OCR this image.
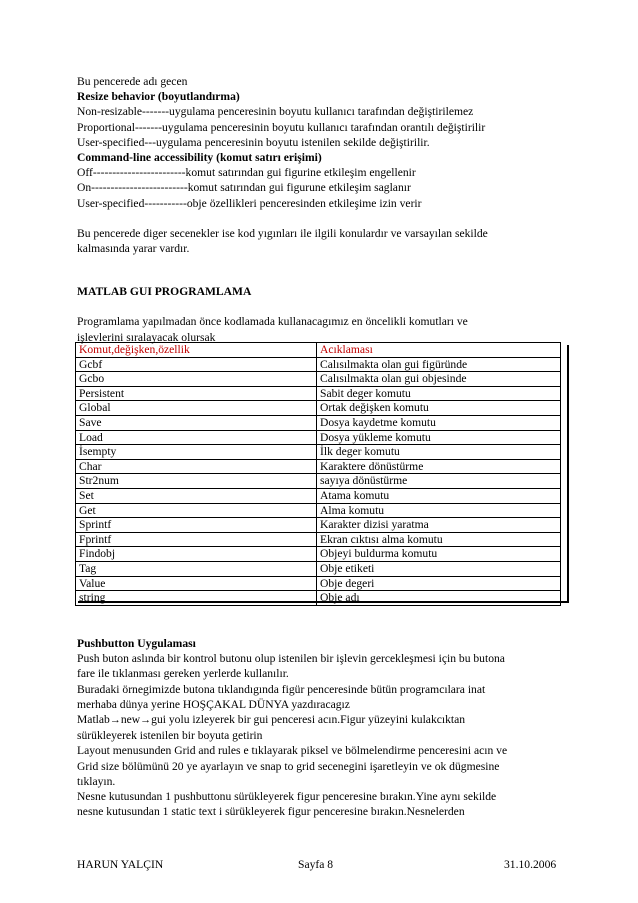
Bu pencerede adı gecen
Resize behavior (boyutlandırma)
Non-resizable-------uygulama penceresinin boyutu kullanıcı tarafından değiştirilemez
Proportional-------uygulama penceresinin boyutu kullanıcı tarafından orantılı değiştirilir
User-specified---uygulama penceresinin boyutu istenilen sekilde değiştirilir.
Command-line accessibility (komut satırı erişimi)
Off------------------------komut satırından gui figurine etkileşim engellenir
On-------------------------komut satırından gui figurune etkileşim saglanır
User-specified-----------obje özellikleri penceresinden etkileşime izin verir
Bu pencerede diger secenekler ise kod yıgınları ile ilgili konulardır ve varsayılan sekilde
kalmasında yarar vardır.
MATLAB GUI PROGRAMLAMA
Programlama yapılmadan önce kodlamada kullanacagımız en öncelikli komutları ve
işlevlerini sıralayacak olursak
Komut,değişken,özellik	Acıklaması
Gcbf	Calısılmakta olan gui figüründe
Gcbo	Calısılmakta olan gui objesinde
Persistent	Sabit deger komutu
Global	Ortak değişken komutu
Save	Dosya kaydetme komutu
Load	Dosya yükleme komutu
İsempty	İlk deger komutu
Char	Karaktere dönüstürme
Str2num	sayıya dönüstürme
Set	Atama komutu
Get	Alma komutu
Sprintf	Karakter dizisi yaratma
Fprintf	Ekran cıktısı alma komutu
Findobj	Objeyi buldurma komutu
Tag	Obje etiketi
Value	Obje degeri
string	Obje adı
Pushbutton Uygulaması
Push buton aslında bir kontrol butonu olup istenilen bir işlevin gercekleşmesi için bu butona
fare ile tıklanması gereken yerlerde kullanılır.
Buradaki örnegimizde butona tıklandıgında figür penceresinde bütün programcılara inat
merhaba dünya yerine HOŞÇAKAL DÜNYA yazdıracagız
Matlab→new→gui yolu izleyerek bir gui penceresi acın.Figur yüzeyini kulakcıktan
sürükleyerek istenilen bir boyuta getirin
Layout menusunden Grid and rules e tıklayarak piksel ve bölmelendirme penceresini acın ve
Grid size bölümünü 20 ye ayarlayın ve snap to grid secenegini işaretleyin ve ok dügmesine
tıklayın.
Nesne kutusundan 1 pushbuttonu sürükleyerek figur penceresine bırakın.Yine aynı sekilde
nesne kutusundan 1 static text i sürükleyerek figur penceresine bırakın.Nesnelerden
HARUN YALÇIN	Sayfa 8	31.10.2006
